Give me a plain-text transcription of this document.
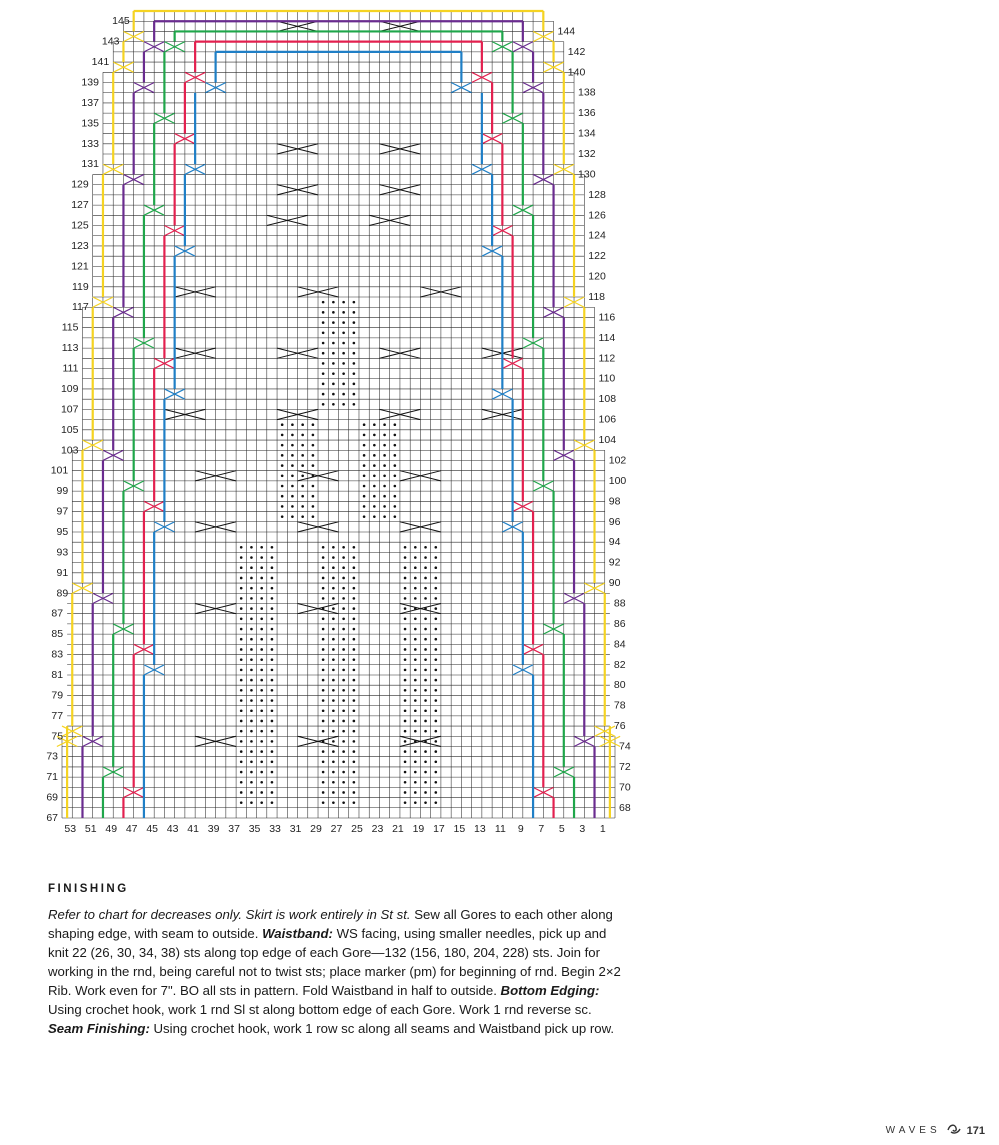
145
143
141
139
137
135
133
131
129
127
125
123
121
119
117
115
113
111
109
107
105
103
101
99
97
95
93
91
89
87
85
83
81
79
77
75
73
71
69
67
144
142
140
138
136
134
132
130
128
126
124
122
120
118
116
114
112
110
108
106
104
102
100
98
96
94
92
90
88
86
84
82
80
78
76
74
72
70
68
53 51 49 47 45 43 41 39 37 35 33 31 29 27 25 23 21 19 17 15 13 11 9 7 5 3 1
FINISHING

Refer to chart for decreases only. Skirt is work entirely in St st. Sew all Gores to each other along shaping edge, with seam to outside. Waistband: WS facing, using smaller needles, pick up and knit 22 (26, 30, 34, 38) sts along top edge of each Gore—132 (156, 180, 204, 228) sts. Join for working in the rnd, being careful not to twist sts; place marker (pm) for beginning of rnd. Begin 2×2 Rib. Work even for 7". BO all sts in pattern. Fold Waistband in half to outside. Bottom Edging: Using crochet hook, work 1 rnd Sl st along bottom edge of each Gore. Work 1 rnd reverse sc. Seam Finishing: Using crochet hook, work 1 row sc along all seams and Waistband pick up row.

WAVES 171
